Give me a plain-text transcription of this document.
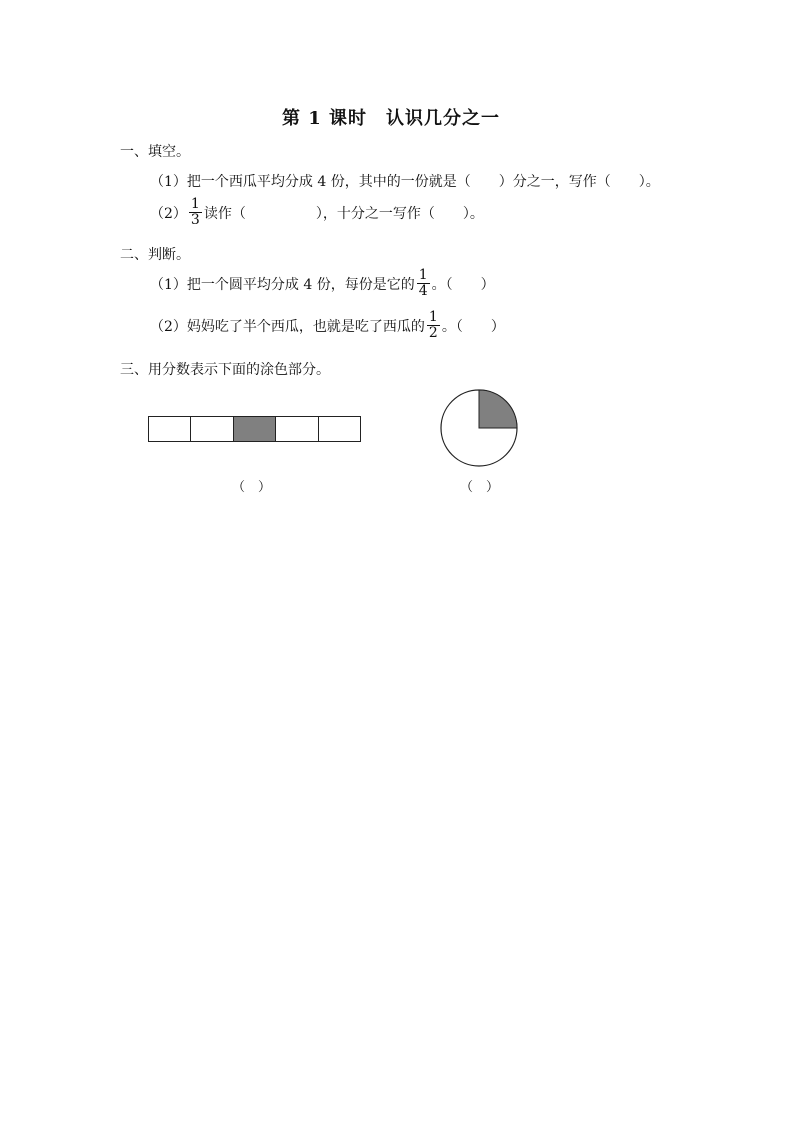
第 1 课时　认识几分之一
一、填空。
（1）把一个西瓜平均分成 4 份，其中的一份就是（　　）分之一，写作（　　）。
$(2) \frac{1}{3}$ 读作（　　　　　），十分之一写作（　　）。
二、判断。
（1）把一个圆平均分成 4 份，每份是它的 $\frac{1}{4}$ 。（　　）
（2）妈妈吃了半个西瓜，也就是吃了西瓜的 $\frac{1}{2}$ 。（　　）
三、用分数表示下面的涂色部分。
（　）	（　）
